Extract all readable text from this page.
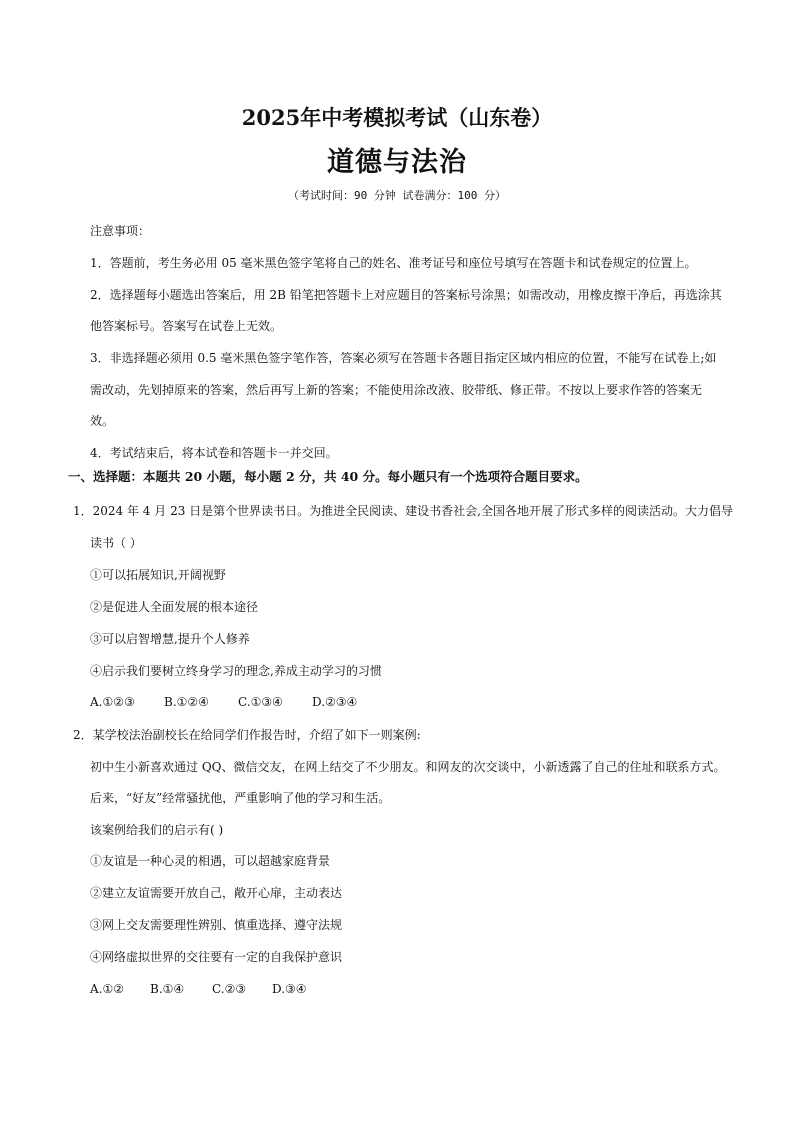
2025年中考模拟考试（山东卷）
道德与法治
（考试时间：90 分钟 试卷满分：100 分）
注意事项：
1．答题前，考生务必用 05 毫米黑色签字笔将自己的姓名、准考证号和座位号填写在答题卡和试卷规定的位置上。
2．选择题每小题选出答案后，用 2B 铅笔把答题卡上对应题目的答案标号涂黑；如需改动，用橡皮擦干净后，再选涂其
他答案标号。答案写在试卷上无效。
3．非选择题必须用 0.5 毫米黑色签字笔作答，答案必须写在答题卡各题目指定区域内相应的位置，不能写在试卷上;如
需改动，先划掉原来的答案，然后再写上新的答案；不能使用涂改液、胶带纸、修正带。不按以上要求作答的答案无
效。
4．考试结束后，将本试卷和答题卡一并交回。
一、选择题：本题共 20 小题，每小题 2 分，共 40 分。每小题只有一个选项符合题目要求。
1．2024 年 4 月 23 日是第个世界读书日。为推进全民阅读、建设书香社会,全国各地开展了形式多样的阅读活动。大力倡导
读书（ ）
①可以拓展知识,开阔视野
②是促进人全面发展的根本途径
③可以启智增慧,提升个人修养
④启示我们要树立终身学习的理念,养成主动学习的习惯
A.①②③ B.①②④ C.①③④ D.②③④
2．某学校法治副校长在给同学们作报告时，介绍了如下一则案例:
初中生小新喜欢通过 QQ、微信交友，在网上结交了不少朋友。和网友的次交谈中，小新透露了自己的住址和联系方式。
后来，“好友”经常骚扰他，严重影响了他的学习和生活。
该案例给我们的启示有( )
①友谊是一种心灵的相遇，可以超越家庭背景
②建立友谊需要开放自己，敞开心扉，主动表达
③网上交友需要理性辨别、慎重选择、遵守法规
④网络虚拟世界的交往要有一定的自我保护意识
A.①② B.①④ C.②③ D.③④
